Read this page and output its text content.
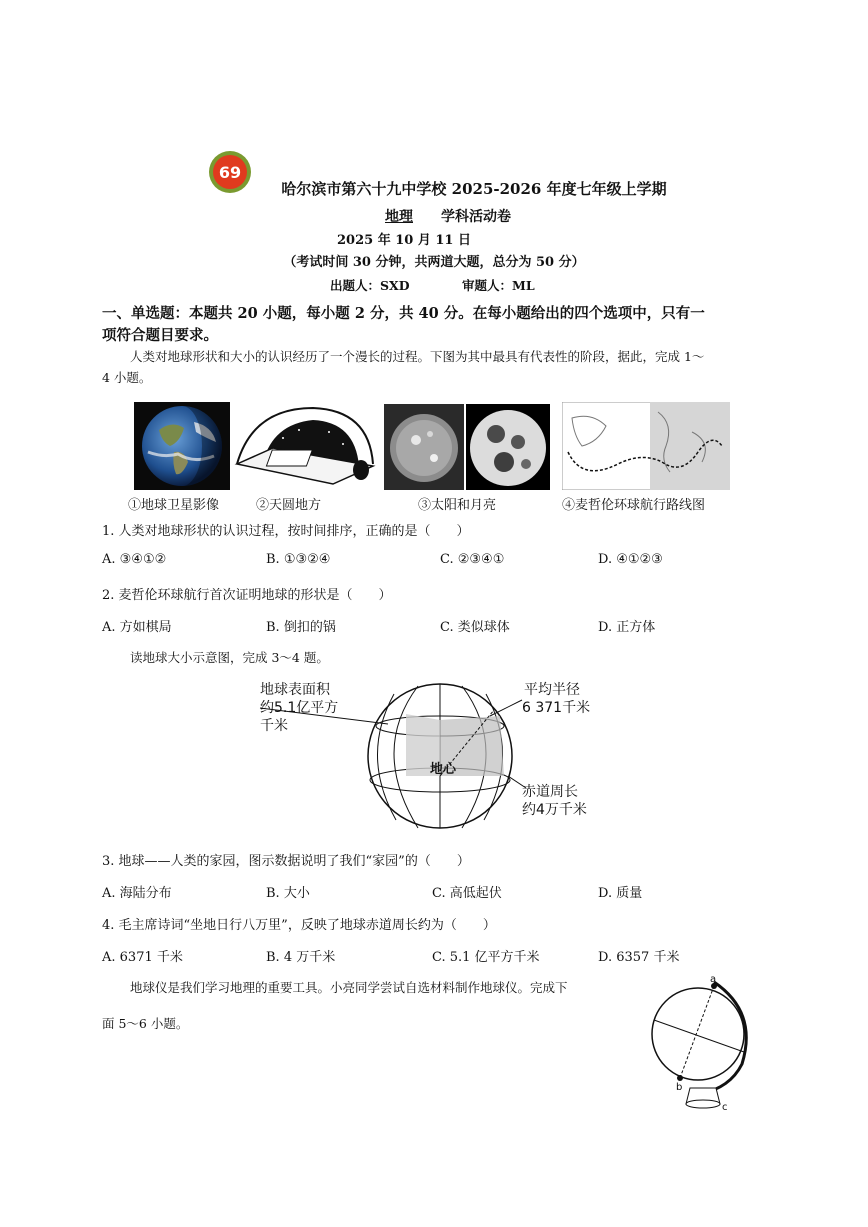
69
哈尔滨市第六十九中学校 2025-2026 年度七年级上学期
地理 学科活动卷
2025 年 10 月 11 日
（考试时间 30 分钟，共两道大题，总分为 50 分）
出题人：SXD	审题人：ML
一、单选题：本题共 20 小题，每小题 2 分，共 40 分。在每小题给出的四个选项中，只有一
项符合题目要求。
人类对地球形状和大小的认识经历了一个漫长的过程。下图为其中最具有代表性的阶段，据此，完成 1～
4 小题。
①地球卫星影像	②天圆地方	③太阳和月亮	④麦哲伦环球航行路线图
1. 人类对地球形状的认识过程，按时间排序，正确的是（　　）
A. ③④①②	B. ①③②④	C. ②③④①	D. ④①②③
2. 麦哲伦环球航行首次证明地球的形状是（　　）
A. 方如棋局	B. 倒扣的锅	C. 类似球体	D. 正方体
读地球大小示意图，完成 3～4 题。
地心
地球表面积
约5.1亿平方
千米
平均半径
6 371千米
赤道周长
约4万千米
3. 地球——人类的家园，图示数据说明了我们“家园”的（　　）
A. 海陆分布	B. 大小	C. 高低起伏	D. 质量
4. 毛主席诗词“坐地日行八万里”，反映了地球赤道周长约为（　　）
A. 6371 千米	B. 4 万千米	C. 5.1 亿平方千米	D. 6357 千米
地球仪是我们学习地理的重要工具。小亮同学尝试自选材料制作地球仪。完成下
面 5～6 小题。
a
b
c
